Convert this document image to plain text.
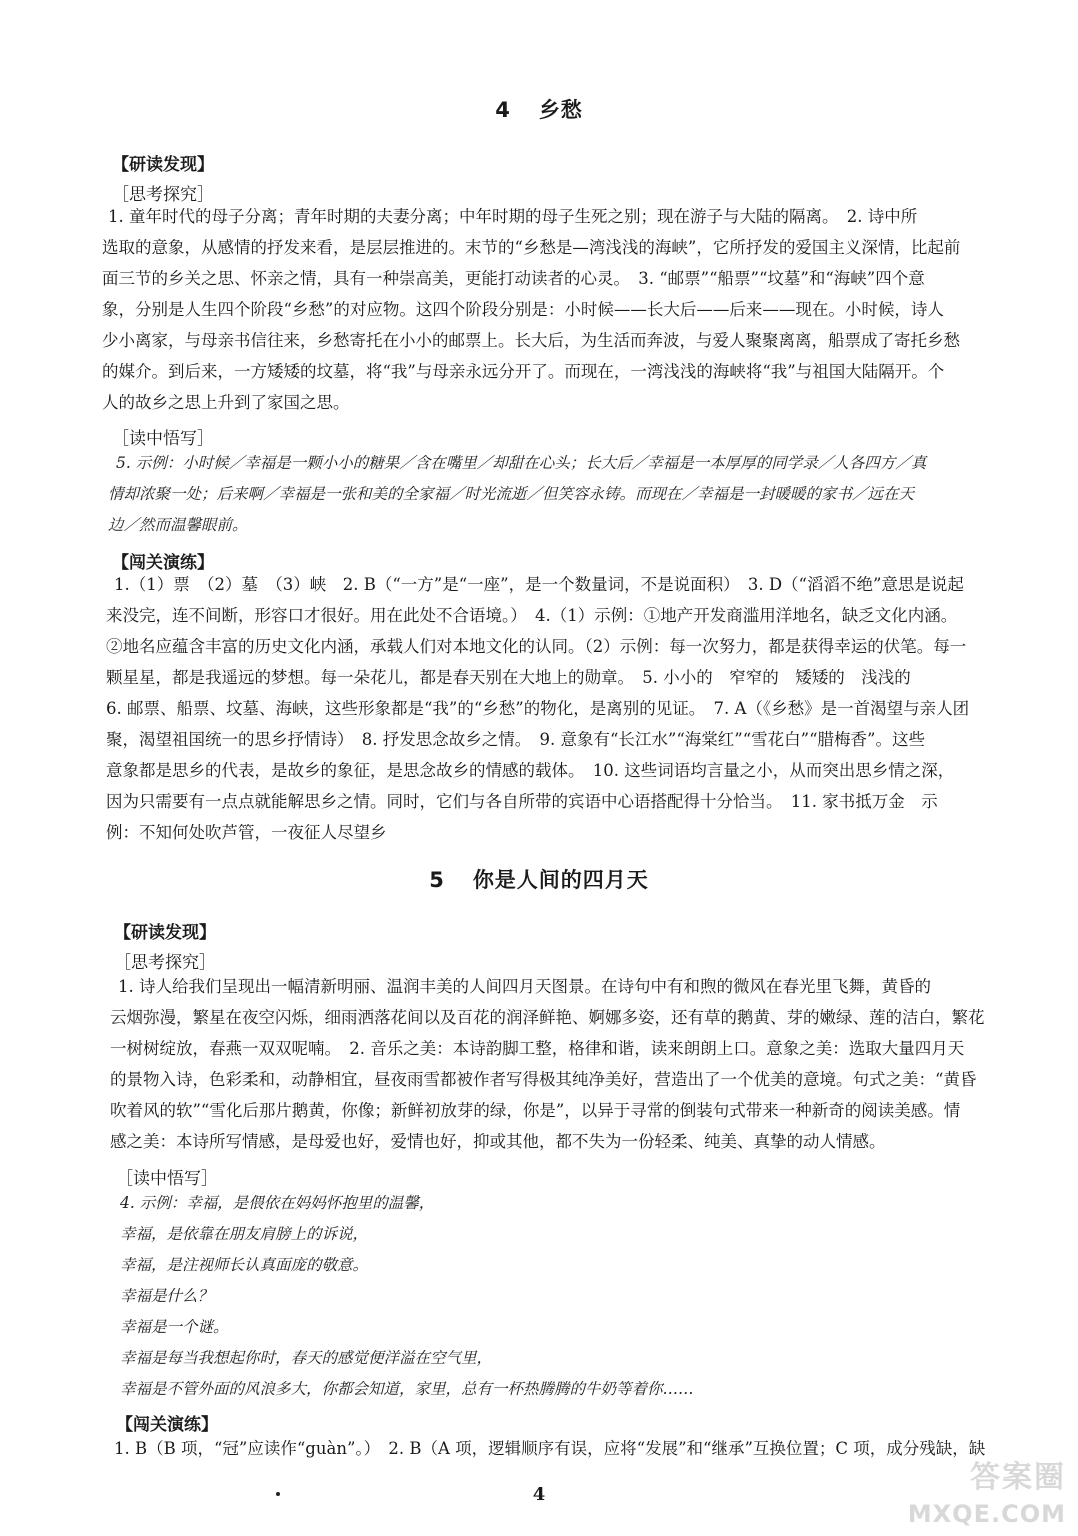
4 乡愁
【研读发现】
［思考探究］
1. 童年时代的母子分离；青年时期的夫妻分离；中年时期的母子生死之别；现在游子与大陆的隔离。　2. 诗中所
选取的意象，从感情的抒发来看，是层层推进的。末节的“乡愁是—湾浅浅的海峡”，它所抒发的爱国主义深情，比起前
面三节的乡关之思、怀亲之情，具有一种崇高美，更能打动读者的心灵。　3. “邮票”“船票”“坟墓”和“海峡”四个意
象，分别是人生四个阶段“乡愁”的对应物。这四个阶段分别是：小时候——长大后——后来——现在。小时候，诗人
少小离家，与母亲书信往来，乡愁寄托在小小的邮票上。长大后，为生活而奔波，与爱人聚聚离离，船票成了寄托乡愁
的媒介。到后来，一方矮矮的坟墓，将“我”与母亲永远分开了。而现在，一湾浅浅的海峡将“我”与祖国大陆隔开。个
人的故乡之思上升到了家国之思。
［读中悟写］
5. 示例：小时候／幸福是一颗小小的糖果／含在嘴里／却甜在心头；长大后／幸福是一本厚厚的同学录／人各四方／真
情却浓聚一处；后来啊／幸福是一张和美的全家福／时光流逝／但笑容永铸。而现在／幸福是一封暖暖的家书／远在天
边／然而温馨眼前。
【闯关演练】
1.（1）票　（2）墓　（3）峡　2. B（“一方”是“一座”，是一个数量词，不是说面积）　3. D（“滔滔不绝”意思是说起
来没完，连不间断，形容口才很好。用在此处不合语境。）　4.（1）示例：①地产开发商滥用洋地名，缺乏文化内涵。
②地名应蕴含丰富的历史文化内涵，承载人们对本地文化的认同。（2）示例：每一次努力，都是获得幸运的伏笔。每一
颗星星，都是我遥远的梦想。每一朵花儿，都是春天别在大地上的勋章。　5. 小小的　窄窄的　矮矮的　浅浅的
6. 邮票、船票、坟墓、海峡，这些形象都是“我”的“乡愁”的物化，是离别的见证。　7. A（《乡愁》是一首渴望与亲人团
聚，渴望祖国统一的思乡抒情诗）　8. 抒发思念故乡之情。　9. 意象有“长江水”“海棠红”“雪花白”“腊梅香”。这些
意象都是思乡的代表，是故乡的象征，是思念故乡的情感的载体。　10. 这些词语均言量之小，从而突出思乡情之深，
因为只需要有一点点就能解思乡之情。同时，它们与各自所带的宾语中心语搭配得十分恰当。　11. 家书抵万金　示
例：不知何处吹芦管，一夜征人尽望乡
5 你是人间的四月天
【研读发现】
［思考探究］
1. 诗人给我们呈现出一幅清新明丽、温润丰美的人间四月天图景。在诗句中有和煦的微风在春光里飞舞，黄昏的
云烟弥漫，繁星在夜空闪烁，细雨洒落花间以及百花的润泽鲜艳、婀娜多姿，还有草的鹅黄、芽的嫩绿、莲的洁白，繁花
一树树绽放，春燕一双双呢喃。　2. 音乐之美：本诗韵脚工整，格律和谐，读来朗朗上口。意象之美：选取大量四月天
的景物入诗，色彩柔和，动静相宜，昼夜雨雪都被作者写得极其纯净美好，营造出了一个优美的意境。句式之美：“黄昏
吹着风的软”“雪化后那片鹅黄，你像；新鲜初放芽的绿，你是”，以异于寻常的倒装句式带来一种新奇的阅读美感。情
感之美：本诗所写情感，是母爱也好，爱情也好，抑或其他，都不失为一份轻柔、纯美、真挚的动人情感。
［读中悟写］
4. 示例：幸福，是偎依在妈妈怀抱里的温馨，
幸福，是依靠在朋友肩膀上的诉说，
幸福，是注视师长认真面庞的敬意。
幸福是什么？
幸福是一个谜。
幸福是每当我想起你时，春天的感觉便洋溢在空气里，
幸福是不管外面的风浪多大，你都会知道，家里，总有一杯热腾腾的牛奶等着你……
【闯关演练】
1. B（B 项，“冠”应读作“guàn”。）　2. B（A 项，逻辑顺序有误，应将“发展”和“继承”互换位置；C 项，成分残缺，缺
4	答案圈
MXQE.COM
